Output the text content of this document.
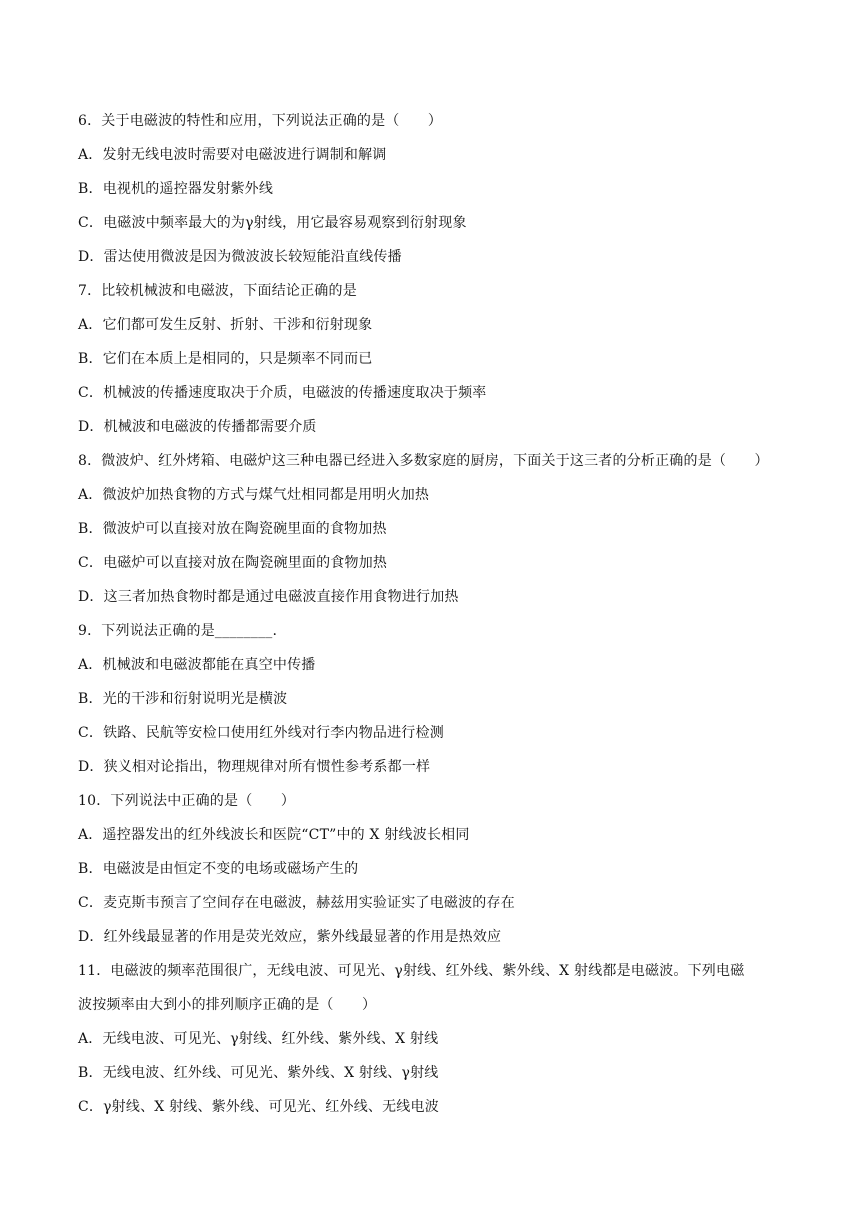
6．关于电磁波的特性和应用，下列说法正确的是（　　）
A．发射无线电波时需要对电磁波进行调制和解调
B．电视机的遥控器发射紫外线
C．电磁波中频率最大的为γ射线，用它最容易观察到衍射现象
D．雷达使用微波是因为微波波长较短能沿直线传播
7．比较机械波和电磁波，下面结论正确的是
A．它们都可发生反射、折射、干涉和衍射现象
B．它们在本质上是相同的，只是频率不同而已
C．机械波的传播速度取决于介质，电磁波的传播速度取决于频率
D．机械波和电磁波的传播都需要介质
8．微波炉、红外烤箱、电磁炉这三种电器已经进入多数家庭的厨房，下面关于这三者的分析正确的是（　　）
A．微波炉加热食物的方式与煤气灶相同都是用明火加热
B．微波炉可以直接对放在陶瓷碗里面的食物加热
C．电磁炉可以直接对放在陶瓷碗里面的食物加热
D．这三者加热食物时都是通过电磁波直接作用食物进行加热
9．下列说法正确的是________.
A．机械波和电磁波都能在真空中传播
B．光的干涉和衍射说明光是横波
C．铁路、民航等安检口使用红外线对行李内物品进行检测
D．狭义相对论指出，物理规律对所有惯性参考系都一样
10．下列说法中正确的是（　　）
A．遥控器发出的红外线波长和医院“CT”中的 X 射线波长相同
B．电磁波是由恒定不变的电场或磁场产生的
C．麦克斯韦预言了空间存在电磁波，赫兹用实验证实了电磁波的存在
D．红外线最显著的作用是荧光效应，紫外线最显著的作用是热效应
11．电磁波的频率范围很广，无线电波、可见光、γ射线、红外线、紫外线、X 射线都是电磁波。下列电磁
波按频率由大到小的排列顺序正确的是（　　）
A．无线电波、可见光、γ射线、红外线、紫外线、X 射线
B．无线电波、红外线、可见光、紫外线、X 射线、γ射线
C．γ射线、X 射线、紫外线、可见光、红外线、无线电波
